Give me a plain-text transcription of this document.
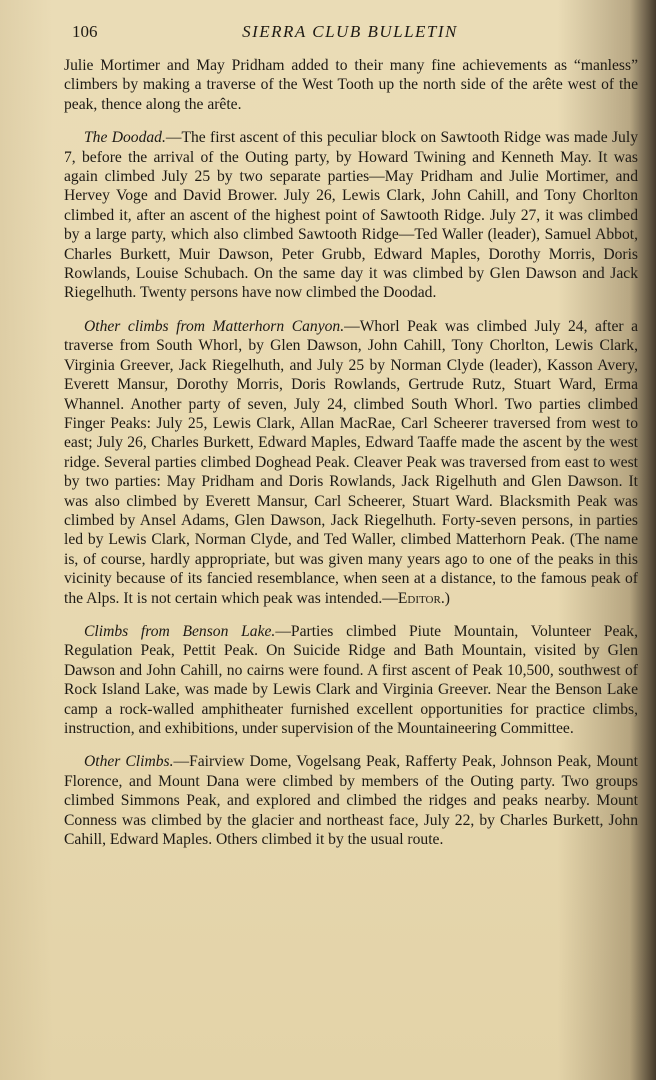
106	SIERRA CLUB BULLETIN

Julie Mortimer and May Pridham added to their many fine achievements as “manless” climbers by making a traverse of the West Tooth up the north side of the arête west of the peak, thence along the arête.

The Doodad.—The first ascent of this peculiar block on Sawtooth Ridge was made July 7, before the arrival of the Outing party, by Howard Twining and Kenneth May. It was again climbed July 25 by two separate parties—May Pridham and Julie Mortimer, and Hervey Voge and David Brower. July 26, Lewis Clark, John Cahill, and Tony Chorlton climbed it, after an ascent of the highest point of Sawtooth Ridge. July 27, it was climbed by a large party, which also climbed Sawtooth Ridge—Ted Waller (leader), Samuel Abbot, Charles Burkett, Muir Dawson, Peter Grubb, Edward Maples, Dorothy Morris, Doris Rowlands, Louise Schubach. On the same day it was climbed by Glen Dawson and Jack Riegelhuth. Twenty persons have now climbed the Doodad.

Other climbs from Matterhorn Canyon.—Whorl Peak was climbed July 24, after a traverse from South Whorl, by Glen Dawson, John Cahill, Tony Chorlton, Lewis Clark, Virginia Greever, Jack Riegelhuth, and July 25 by Norman Clyde (leader), Kasson Avery, Everett Mansur, Dorothy Morris, Doris Rowlands, Gertrude Rutz, Stuart Ward, Erma Whannel. Another party of seven, July 24, climbed South Whorl. Two parties climbed Finger Peaks: July 25, Lewis Clark, Allan MacRae, Carl Scheerer traversed from west to east; July 26, Charles Burkett, Edward Maples, Edward Taaffe made the ascent by the west ridge. Several parties climbed Doghead Peak. Cleaver Peak was traversed from east to west by two parties: May Pridham and Doris Rowlands, Jack Rigelhuth and Glen Dawson. It was also climbed by Everett Mansur, Carl Scheerer, Stuart Ward. Blacksmith Peak was climbed by Ansel Adams, Glen Dawson, Jack Riegelhuth. Forty-seven persons, in parties led by Lewis Clark, Norman Clyde, and Ted Waller, climbed Matterhorn Peak. (The name is, of course, hardly appropriate, but was given many years ago to one of the peaks in this vicinity because of its fancied resemblance, when seen at a distance, to the famous peak of the Alps. It is not certain which peak was intended.—Editor.)

Climbs from Benson Lake.—Parties climbed Piute Mountain, Volunteer Peak, Regulation Peak, Pettit Peak. On Suicide Ridge and Bath Mountain, visited by Glen Dawson and John Cahill, no cairns were found. A first ascent of Peak 10,500, southwest of Rock Island Lake, was made by Lewis Clark and Virginia Greever. Near the Benson Lake camp a rock-walled amphitheater furnished excellent opportunities for practice climbs, instruction, and exhibitions, under supervision of the Mountaineering Committee.

Other Climbs.—Fairview Dome, Vogelsang Peak, Rafferty Peak, Johnson Peak, Mount Florence, and Mount Dana were climbed by members of the Outing party. Two groups climbed Simmons Peak, and explored and climbed the ridges and peaks nearby. Mount Conness was climbed by the glacier and northeast face, July 22, by Charles Burkett, John Cahill, Edward Maples. Others climbed it by the usual route.
